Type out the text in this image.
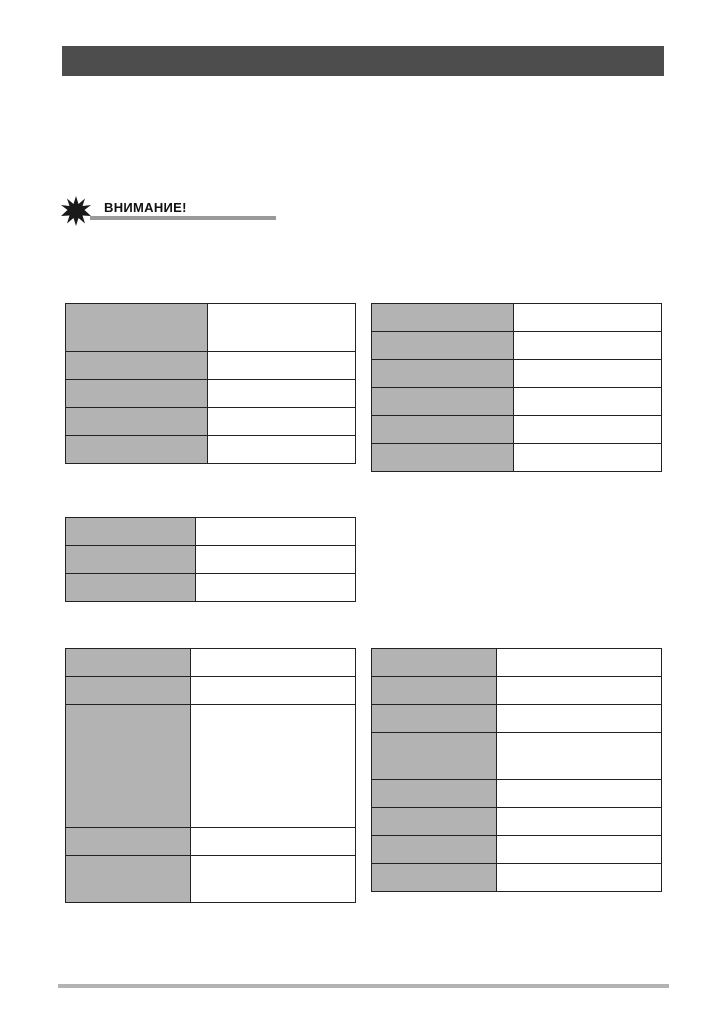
ВНИМАНИЕ!
